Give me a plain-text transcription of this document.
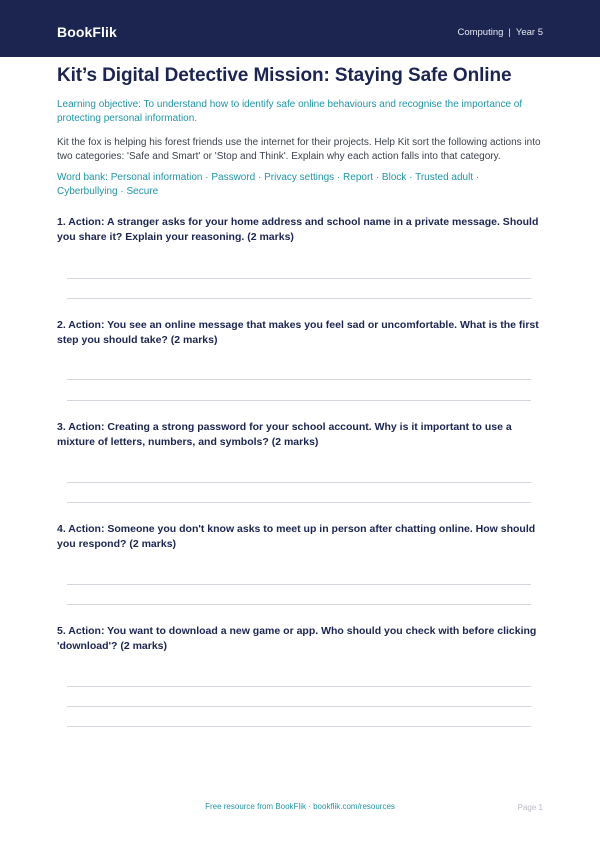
BookFlik	Computing | Year 5
Kit’s Digital Detective Mission: Staying Safe Online
Learning objective: To understand how to identify safe online behaviours and recognise the importance of protecting personal information.
Kit the fox is helping his forest friends use the internet for their projects. Help Kit sort the following actions into two categories: 'Safe and Smart' or 'Stop and Think'. Explain why each action falls into that category.
Word bank: Personal information · Password · Privacy settings · Report · Block · Trusted adult · Cyberbullying · Secure
1. Action: A stranger asks for your home address and school name in a private message. Should you share it? Explain your reasoning. (2 marks)
2. Action: You see an online message that makes you feel sad or uncomfortable. What is the first step you should take? (2 marks)
3. Action: Creating a strong password for your school account. Why is it important to use a mixture of letters, numbers, and symbols? (2 marks)
4. Action: Someone you don't know asks to meet up in person after chatting online. How should you respond? (2 marks)
5. Action: You want to download a new game or app. Who should you check with before clicking 'download'? (2 marks)
Free resource from BookFlik · bookflik.com/resources	Page 1
